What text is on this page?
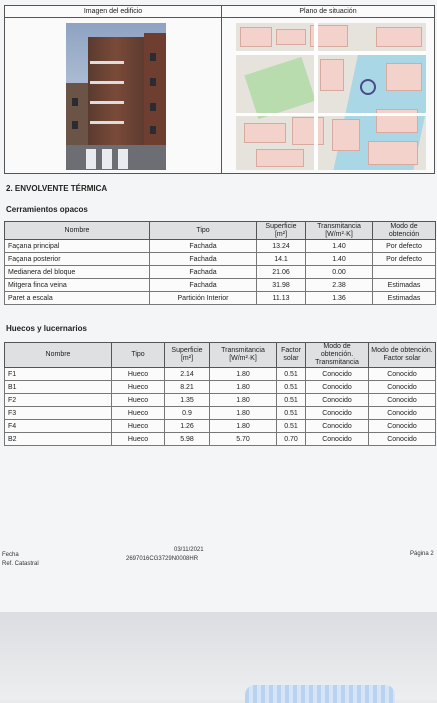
Imagen del edificio	Plano de situación

2. ENVOLVENTE TÉRMICA
Cerramientos opacos
Nombre	Tipo	Superficie [m²]	Transmitancia [W/m²·K]	Modo de obtención
Façana principal	Fachada	13.24	1.40	Por defecto
Façana posterior	Fachada	14.1	1.40	Por defecto
Medianera del bloque	Fachada	21.06	0.00	
Mitgera finca veina	Fachada	31.98	2.38	Estimadas
Paret a escala	Partición Interior	11.13	1.36	Estimadas
Huecos y lucernarios
Nombre	Tipo	Superficie [m²]	Transmitancia [W/m²·K]	Factor solar	Modo de obtención. Transmitancia	Modo de obtención. Factor solar
F1	Hueco	2.14	1.80	0.51	Conocido	Conocido
B1	Hueco	8.21	1.80	0.51	Conocido	Conocido
F2	Hueco	1.35	1.80	0.51	Conocido	Conocido
F3	Hueco	0.9	1.80	0.51	Conocido	Conocido
F4	Hueco	1.26	1.80	0.51	Conocido	Conocido
B2	Hueco	5.98	5.70	0.70	Conocido	Conocido
Fecha
Ref. Catastral
03/11/2021
2697016CG3729N0008HR
Página 2
